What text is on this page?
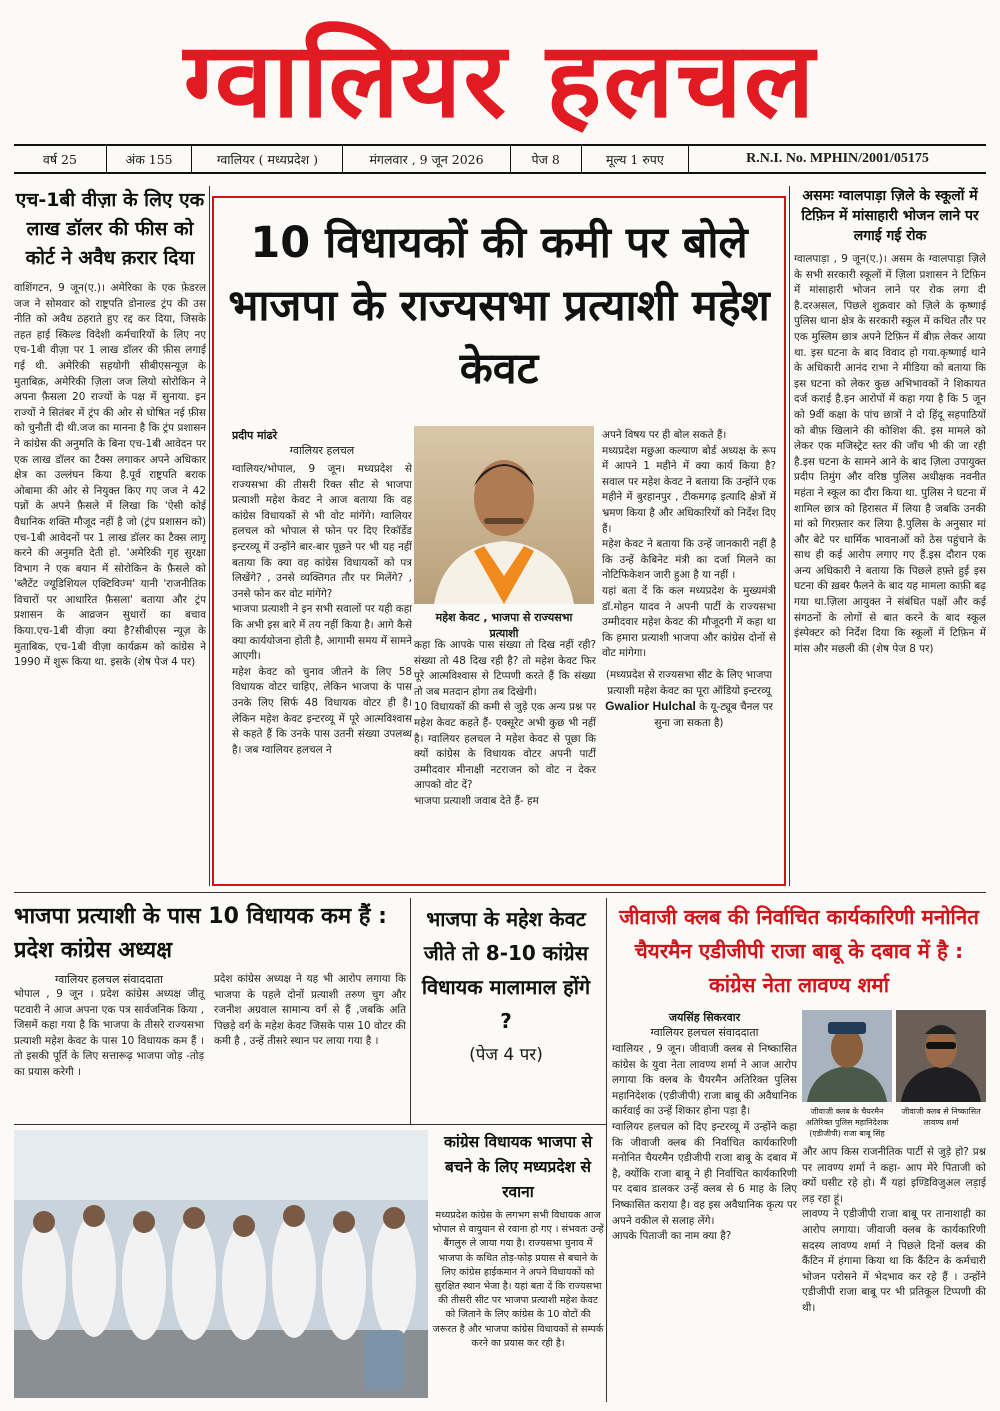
ग्वालियर हलचल
वर्ष 25	अंक 155	ग्वालियर ( मध्यप्रदेश )	मंगलवार , 9 जून 2026	पेज 8	मूल्य 1 रुपए	R.N.I. No. MPHIN/2001/05175
एच-1बी वीज़ा के लिए एक लाख डॉलर की फीस को कोर्ट ने अवैध क़रार दिया

वाशिंगटन, 9 जून(ए.)। अमेरिका के एक फ़ेडरल जज ने सोमवार को राष्ट्रपति डोनाल्ड ट्रंप की उस नीति को अवैध ठहराते हुए रद्द कर दिया, जिसके तहत हाई स्किल्ड विदेशी कर्मचारियों के लिए नए एच-1बी वीज़ा पर 1 लाख डॉलर की फ़ीस लगाई गई थी. अमेरिकी सहयोगी सीबीएसन्यूज़ के मुताबिक़, अमेरिकी ज़िला जज लियो सोरोकिन ने अपना फ़ैसला 20 राज्यों के पक्ष में सुनाया. इन राज्यों ने सितंबर में ट्रंप की ओर से घोषित नई फ़ीस को चुनौती दी थी.जज का मानना है कि ट्रंप प्रशासन ने कांग्रेस की अनुमति के बिना एच-1बी आवेदन पर एक लाख डॉलर का टैक्स लगाकर अपने अधिकार क्षेत्र का उल्लंघन किया है.पूर्व राष्ट्रपति बराक ओबामा की ओर से नियुक्त किए गए जज ने 42 पन्नों के अपने फ़ैसले में लिखा कि 'ऐसी कोई वैधानिक शक्ति मौजूद नहीं है जो (ट्रंप प्रशासन को) एच-1बी आवेदनों पर 1 लाख डॉलर का टैक्स लागू करने की अनुमति देती हो. 'अमेरिकी गृह सुरक्षा विभाग ने एक बयान में सोरोकिन के फ़ैसले को 'ब्लैटेंट ज्यूडिशियल एक्टिविज्म' यानी 'राजनीतिक विचारों पर आधारित फ़ैसला' बताया और ट्रंप प्रशासन के आव्रजन सुधारों का बचाव किया.एच-1बी वीज़ा क्या है?सीबीएस न्यूज़ के मुताबिक, एच-1बी वीज़ा कार्यक्रम को कांग्रेस ने 1990 में शुरू किया था. इसके (शेष पेज 4 पर)

10 विधायकों की कमी पर बोले भाजपा के राज्यसभा प्रत्याशी महेश केवट
प्रदीप मांढरे
ग्वालियर हलचल

ग्वालियर/भोपाल, 9 जून। मध्यप्रदेश से राज्यसभा की तीसरी रिक्त सीट से भाजपा प्रत्याशी महेश केवट ने आज बताया कि वह कांग्रेस विधायकों से भी वोट मांगेंगे। ग्वालियर हलचल को भोपाल से फोन पर दिए रिकॉर्डेड इन्टरव्यू में उन्होंने बार-बार पूछने पर भी यह नहीं बताया कि क्या वह कांग्रेस विधायकों को पत्र लिखेंगे? , उनसे व्यक्तिगत तौर पर मिलेंगे? , उनसे फोन कर वोट मांगेंगे?
भाजपा प्रत्याशी ने इन सभी सवालों पर यही कहा कि अभी इस बारे में तय नहीं किया है। आगे कैसे क्या कार्ययोजना होती है, आगामी समय में सामने आएगी।
महेश केवट को चुनाव जीतने के लिए 58 विधायक वोटर चाहिए, लेकिन भाजपा के पास उनके लिए सिर्फ 48 विधायक वोटर ही है। लेकिन महेश केवट इन्टरव्यू में पूरे आत्मविश्वास से कहते हैं कि उनके पास उतनी संख्या उपलब्ध है। जब ग्वालियर हलचल ने

महेश केवट , भाजपा से राज्यसभा प्रत्याशी

कहा कि आपके पास संख्या तो दिख नहीं रही? संख्या तो 48 दिख रही है? तो महेश केवट फिर पूरे आत्मविश्वास से टिप्पणी करते हैं कि संख्या तो जब मतदान होगा तब दिखेगी।
10 विधायकों की कमी से जुड़े एक अन्य प्रश्न पर महेश केवट कहते हैं- एक्सूरेट अभी कुछ भी नहीं है। ग्वालियर हलचल ने महेश केवट से पूछा कि क्यों कांग्रेस के विधायक वोटर अपनी पार्टी उम्मीदवार मीनाक्षी नटराजन को वोट न देकर आपको वोट दें?
भाजपा प्रत्याशी जवाब देते हैं- हम

अपने विषय पर ही बोल सकते हैं।
मध्यप्रदेश मछुआ कल्याण बोर्ड अध्यक्ष के रूप में आपने 1 महीने में क्या कार्य किया है? सवाल पर महेश केवट ने बताया कि उन्होंने एक महीने में बुरहानपुर , टीकमगढ़ इत्यादि क्षेत्रों में भ्रमण किया है और अधिकारियों को निर्देश दिए हैं।
महेश केवट ने बताया कि उन्हें जानकारी नहीं है कि उन्हें केबिनेट मंत्री का दर्जा मिलने का नोटिफिकेशन जारी हुआ है या नहीं ।
यहां बता दें कि कल मध्यप्रदेश के मुख्यमंत्री डॉ.मोहन यादव ने अपनी पार्टी के राज्यसभा उम्मीदवार महेश केवट की मौजूदगी में कहा था कि हमारा प्रत्याशी भाजपा और कांग्रेस दोनों से वोट मांगेगा।

(मध्यप्रदेश से राज्यसभा सीट के लिए भाजपा प्रत्याशी महेश केवट का पूरा ऑडियो इन्टरव्यू Gwalior Hulchal के यू-ट्यूब चैनल पर सुना जा सकता है)
असमः ग्वालपाड़ा ज़िले के स्कूलों में टिफ़िन में मांसाहारी भोजन लाने पर लगाई गई रोक

ग्वालपाड़ा , 9 जून(ए.)। असम के ग्वालपाड़ा ज़िले के सभी सरकारी स्कूलों में ज़िला प्रशासन ने टिफ़िन में मांसाहारी भोजन लाने पर रोक लगा दी है.दरअसल, पिछले शुक्रवार को ज़िले के कृष्णाई पुलिस थाना क्षेत्र के सरकारी स्कूल में कथित तौर पर एक मुस्लिम छात्र अपने टिफ़िन में बीफ़ लेकर आया था. इस घटना के बाद विवाद हो गया.कृष्णाई थाने के अधिकारी आनंद राभा ने मीडिया को बताया कि इस घटना को लेकर कुछ अभिभावकों ने शिकायत दर्ज कराई है.इन आरोपों में कहा गया है कि 5 जून को 9वीं कक्षा के पांच छात्रों ने दो हिंदू सहपाठियों को बीफ़ खिलाने की कोशिश की. इस मामले को लेकर एक मजिस्ट्रेट स्तर की जाँच भी की जा रही है.इस घटना के सामने आने के बाद ज़िला उपायुक्त प्रदीप तिमुंग और वरिष्ठ पुलिस अधीक्षक नवनीत महंता ने स्कूल का दौरा किया था. पुलिस ने घटना में शामिल छात्र को हिरासत में लिया है जबकि उनकी मां को गिरफ़्तार कर लिया है.पुलिस के अनुसार मां और बेटे पर धार्मिक भावनाओं को ठेस पहुंचाने के साथ ही कई आरोप लगाए गए हैं.इस दौरान एक अन्य अधिकारी ने बताया कि पिछले हफ़्ते हुई इस घटना की ख़बर फैलने के बाद यह मामला काफ़ी बढ़ गया था.ज़िला आयुक्त ने संबंधित पक्षों और कई संगठनों के लोगों से बात करने के बाद स्कूल इंस्पेक्टर को निर्देश दिया कि स्कूलों में टिफ़िन में मांस और मछली की (शेष पेज 8 पर)

भाजपा प्रत्याशी के पास 10 विधायक कम हैं : प्रदेश कांग्रेस अध्यक्ष
ग्वालियर हलचल संवाददाता

भोपाल , 9 जून । प्रदेश कांग्रेस अध्यक्ष जीतू पटवारी ने आज अपना एक पत्र सार्वजनिक किया , जिसमें कहा गया है कि भाजपा के तीसरे राज्यसभा प्रत्याशी महेश केवट के पास 10 विधायक कम हैं । तो इसकी पूर्ति के लिए सत्तारूढ़ भाजपा जोड़ -तोड़ का प्रयास करेगी ।

प्रदेश कांग्रेस अध्यक्ष ने यह भी आरोप लगाया कि भाजपा के पहले दोनों प्रत्याशी तरुण चुग और रजनीश अग्रवाल सामान्य वर्ग से हैं ,जबकि अति पिछड़े वर्ग के महेश केवट जिसके पास 10 वोटर की कमी है , उन्हें तीसरे स्थान पर लाया गया है ।

भाजपा के महेश केवट जीते तो 8-10 कांग्रेस विधायक मालामाल होंगे ?
(पेज 4 पर)
कांग्रेस विधायक भाजपा से बचने के लिए मध्यप्रदेश से रवाना

मध्यप्रदेश कांग्रेस के लगभग सभी विधायक आज भोपाल से वायुयान से रवाना हो गए । संभवतः उन्हें बैंगलुरु ले जाया गया है। राज्यसभा चुनाव में भाजपा के कथित तोड़-फोड़ प्रयास से बचाने के लिए कांग्रेस हाईकमान ने अपने विधायकों को सुरक्षित स्थान भेजा है। यहां बता दें कि राज्यसभा की तीसरी सीट पर भाजपा प्रत्याशी महेश केवट को जिताने के लिए कांग्रेस के 10 वोटों की जरूरत है और भाजपा कांग्रेस विधायकों से सम्पर्क करने का प्रयास कर रही है।

जीवाजी क्लब की निर्वाचित कार्यकारिणी मनोनित चैयरमैन एडीजीपी राजा बाबू के दबाव में है : कांग्रेस नेता लावण्य शर्मा
जयसिंह सिकरवार
ग्वालियर हलचल संवाददाता

ग्वालियर , 9 जून। जीवाजी क्लब से निष्कासित कांग्रेस के युवा नेता लावण्य शर्मा ने आज आरोप लगाया कि क्लब के चैयरमैन अतिरिक्त पुलिस महानिदेशक (एडीजीपी) राजा बाबू की अवैधानिक कार्रवाई का उन्हें शिकार होना पड़ा है।
ग्वालियर हलचल को दिए इन्टरव्यू में उन्होंने कहा कि जीवाजी क्लब की निर्वाचित कार्यकारिणी मनोनित चैयरमैन एडीजीपी राजा बाबू के दबाव में है, क्योंकि राजा बाबू ने ही निर्वाचित कार्यकारिणी पर दबाव डालकर उन्हें क्लब से 6 माह के लिए निष्कासित कराया है। वह इस अवैधानिक कृत्य पर अपने वकील से सलाह लेंगे।
आपके पिताजी का नाम क्या है?

जीवाजी क्लब के चैयरमैन अतिरिक्त पुलिस महानिदेशक (एडीजीपी) राजा बाबू सिंह
जीवाजी क्लब से निष्कासित लावण्य शर्मा

और आप किस राजनीतिक पार्टी से जुड़े हो? प्रश्न पर लावण्य शर्मा ने कहा- आप मेरे पिताजी को क्यों घसीट रहे हो। मैं यहां इण्डिविजुअल लड़ाई लड़ रहा हूं।
लावण्य ने एडीजीपी राजा बाबू पर तानाशाही का आरोप लगाया। जीवाजी क्लब के कार्यकारिणी सदस्य लावण्य शर्मा ने पिछले दिनों क्लब की कैंटिन में हंगामा किया था कि कैंटिन के कर्मचारी भोजन परोसने में भेदभाव कर रहे हैं । उन्होंने एडीजीपी राजा बाबू पर भी प्रतिकूल टिप्पणी की थी।
